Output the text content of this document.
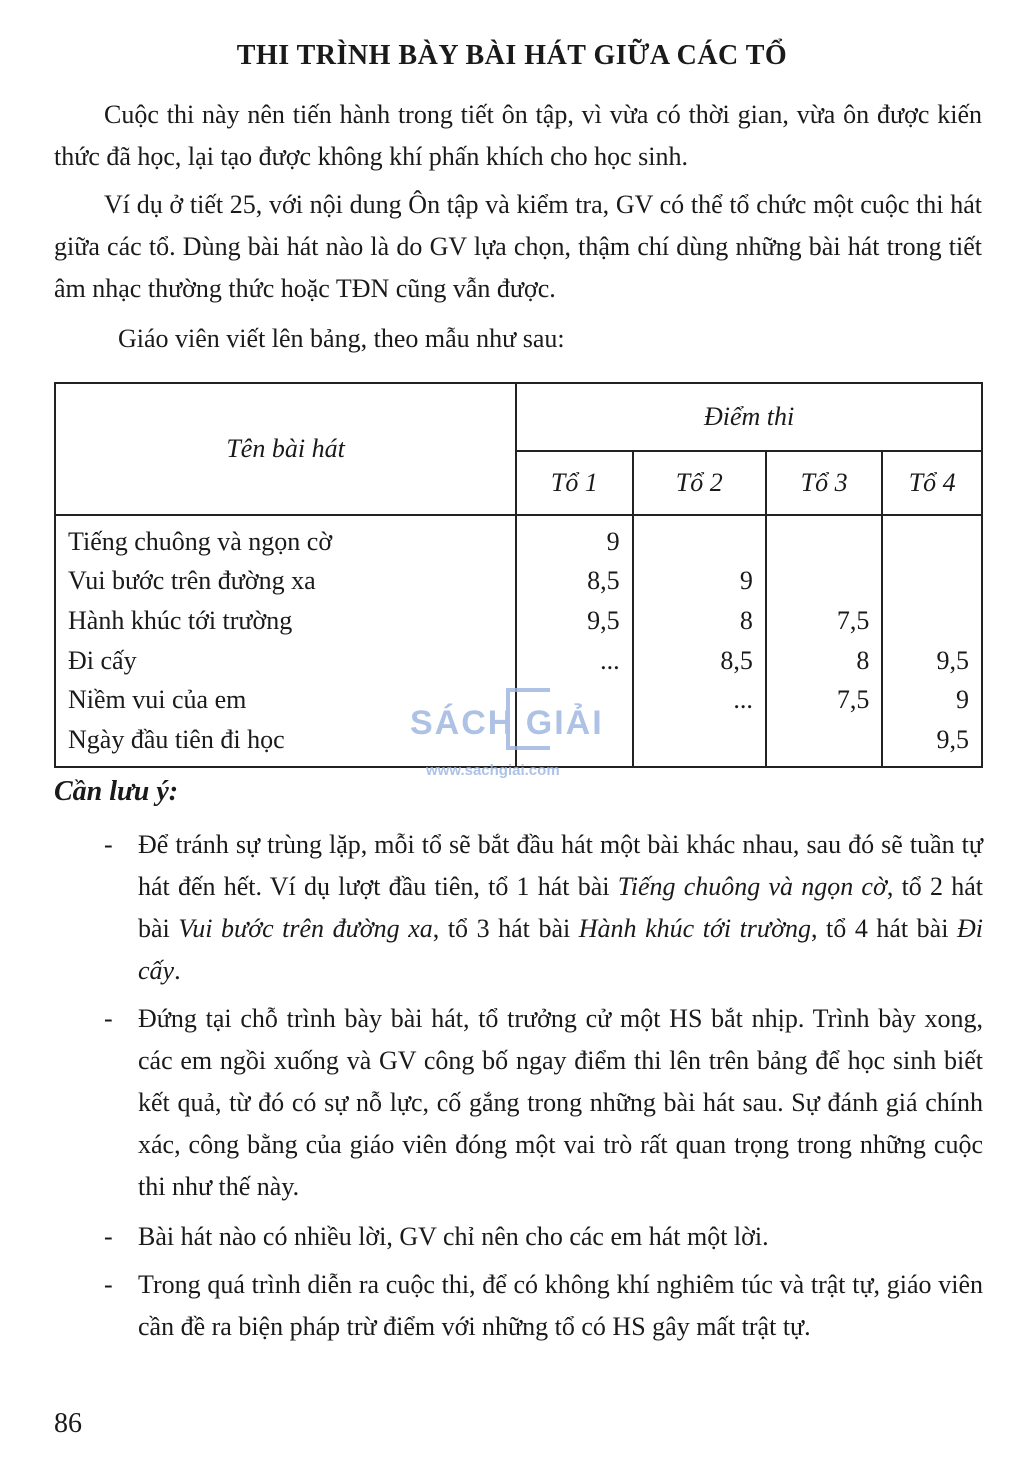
THI TRÌNH BÀY BÀI HÁT GIỮA CÁC TỔ

Cuộc thi này nên tiến hành trong tiết ôn tập, vì vừa có thời gian, vừa ôn được kiến thức đã học, lại tạo được không khí phấn khích cho học sinh.

Ví dụ ở tiết 25, với nội dung Ôn tập và kiểm tra, GV có thể tổ chức một cuộc thi hát giữa các tổ. Dùng bài hát nào là do GV lựa chọn, thậm chí dùng những bài hát trong tiết âm nhạc thường thức hoặc TĐN cũng vẫn được.

Giáo viên viết lên bảng, theo mẫu như sau:

Tên bài hát	Điểm thi			
	Tổ 1	Tổ 2	Tổ 3	Tổ 4
Tiếng chuông và ngọn cờ	9			
Vui bước trên đường xa	8,5	9		
Hành khúc tới trường	9,5	8	7,5	
Đi cấy	...	8,5	8	9,5
Niềm vui của em		...	7,5	9
Ngày đầu tiên đi học				9,5
SÁCH GIẢI
www.sachgiai.com
Cần lưu ý:
- Để tránh sự trùng lặp, mỗi tổ sẽ bắt đầu hát một bài khác nhau, sau đó sẽ tuần tự hát đến hết. Ví dụ lượt đầu tiên, tổ 1 hát bài Tiếng chuông và ngọn cờ, tổ 2 hát bài Vui bước trên đường xa, tổ 3 hát bài Hành khúc tới trường, tổ 4 hát bài Đi cấy.
- Đứng tại chỗ trình bày bài hát, tổ trưởng cử một HS bắt nhịp. Trình bày xong, các em ngồi xuống và GV công bố ngay điểm thi lên trên bảng để học sinh biết kết quả, từ đó có sự nỗ lực, cố gắng trong những bài hát sau. Sự đánh giá chính xác, công bằng của giáo viên đóng một vai trò rất quan trọng trong những cuộc thi như thế này.
- Bài hát nào có nhiều lời, GV chỉ nên cho các em hát một lời.
- Trong quá trình diễn ra cuộc thi, để có không khí nghiêm túc và trật tự, giáo viên cần đề ra biện pháp trừ điểm với những tổ có HS gây mất trật tự.
86
